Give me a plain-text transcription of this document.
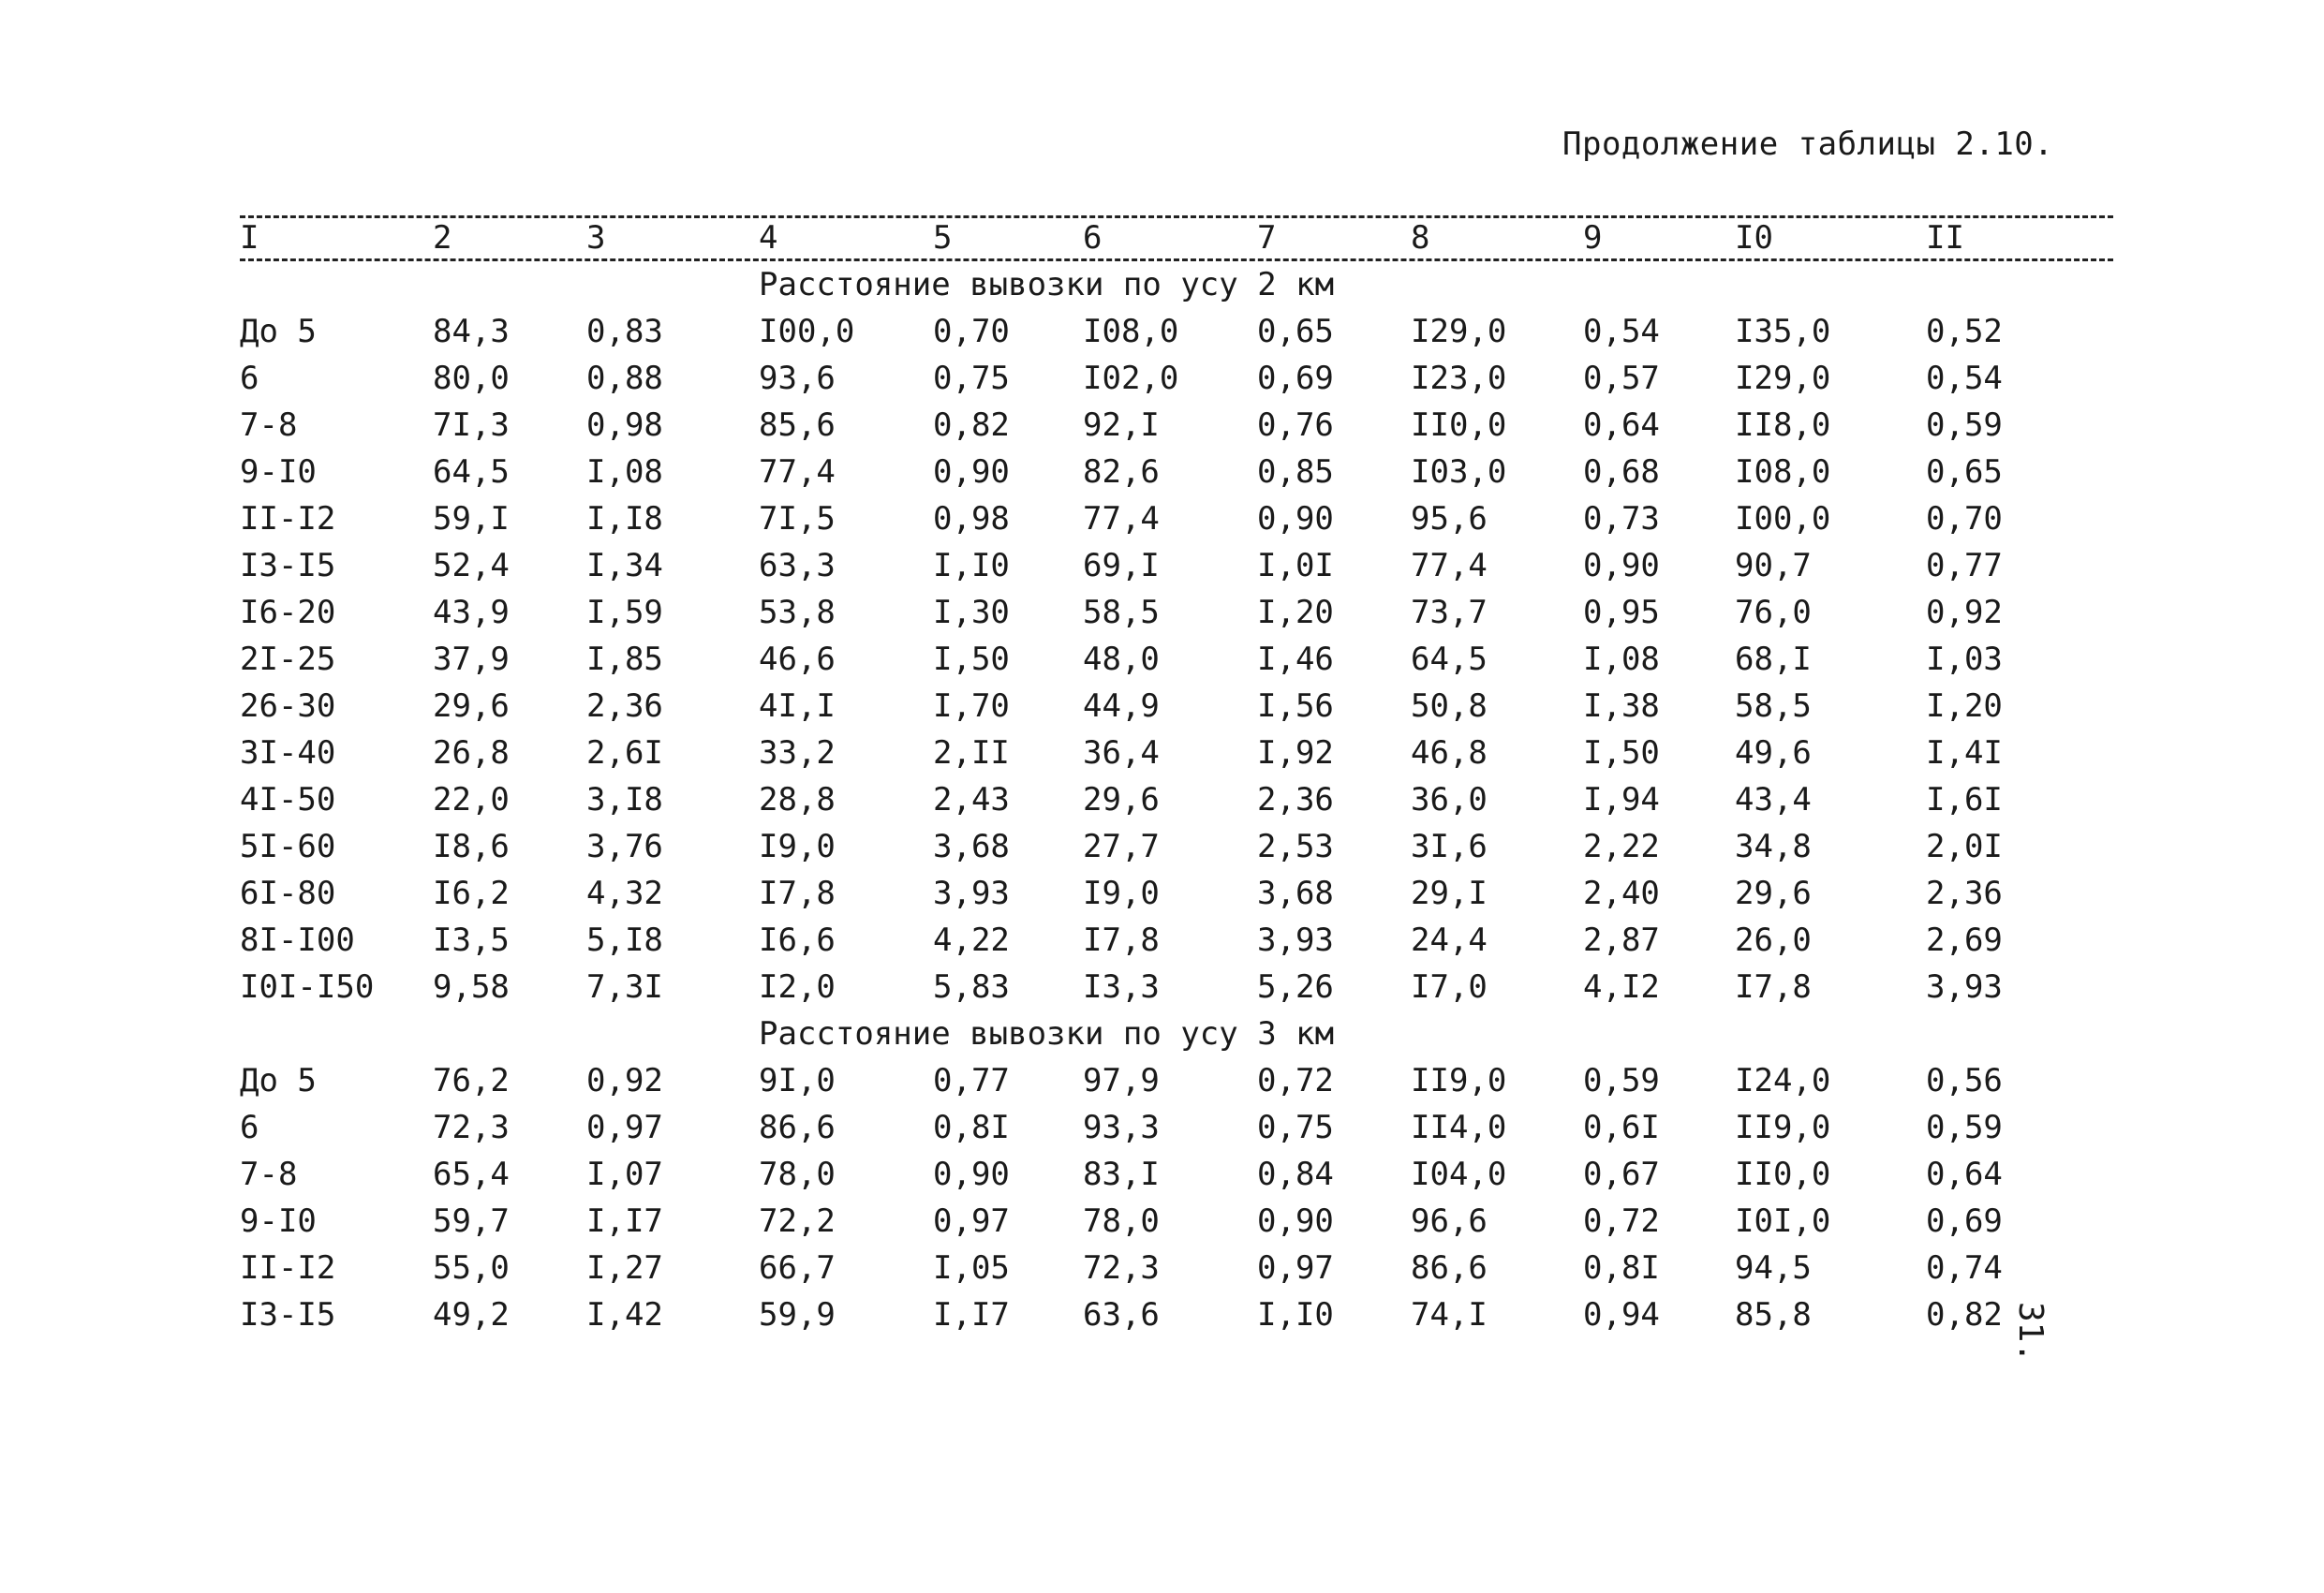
Продолжение таблицы 2.10.
I	2	3	4	5	6	7	8	9	I0	II
Расстояние вывозки по усу 2 км
До 5	84,3 0,83	I00,0 0,70 I08,0 0,65 I29,0 0,54 I35,0	0,52
6	80,0 0,88	93,6	0,75 I02,0 0,69 I23,0 0,57 I29,0	0,54
7-8	7I,3 0,98	85,6	0,82 92,I	0,76 II0,0 0,64 II8,0	0,59
9-I0	64,5 I,08	77,4	0,90 82,6	0,85 I03,0 0,68 I08,0	0,65
II-I2	59,I I,I8	7I,5	0,98 77,4	0,90 95,6	0,73 I00,0	0,70
I3-I5	52,4 I,34	63,3	I,I0 69,I	I,0I 77,4	0,90 90,7	0,77
I6-20	43,9 I,59	53,8	I,30 58,5	I,20 73,7	0,95 76,0	0,92
2I-25	37,9 I,85	46,6	I,50 48,0	I,46 64,5	I,08 68,I	I,03
26-30	29,6 2,36	4I,I	I,70 44,9	I,56 50,8	I,38 58,5	I,20
3I-40	26,8 2,6I	33,2	2,II 36,4	I,92 46,8	I,50 49,6	I,4I
4I-50	22,0 3,I8	28,8	2,43 29,6	2,36 36,0	I,94 43,4	I,6I
5I-60	I8,6 3,76	I9,0	3,68 27,7	2,53 3I,6	2,22 34,8	2,0I
6I-80	I6,2 4,32	I7,8	3,93 I9,0	3,68 29,I	2,40 29,6	2,36
8I-I00 I3,5 5,I8	I6,6	4,22 I7,8	3,93 24,4	2,87 26,0	2,69
I0I-I50 9,58 7,3I	I2,0	5,83 I3,3	5,26 I7,0	4,I2 I7,8	3,93
Расстояние вывозки по усу 3 км
До 5	76,2 0,92	9I,0	0,77 97,9	0,72 II9,0 0,59 I24,0	0,56
6	72,3 0,97	86,6	0,8I 93,3	0,75 II4,0 0,6I II9,0	0,59
7-8	65,4 I,07	78,0	0,90 83,I	0,84 I04,0 0,67 II0,0	0,64
9-I0	59,7 I,I7	72,2	0,97 78,0	0,90 96,6	0,72 I0I,0	0,69
II-I2	55,0 I,27	66,7	I,05 72,3	0,97 86,6	0,8I 94,5	0,74
I3-I5	49,2 I,42	59,9	I,I7 63,6	I,I0 74,I	0,94 85,8	0,82 31.
